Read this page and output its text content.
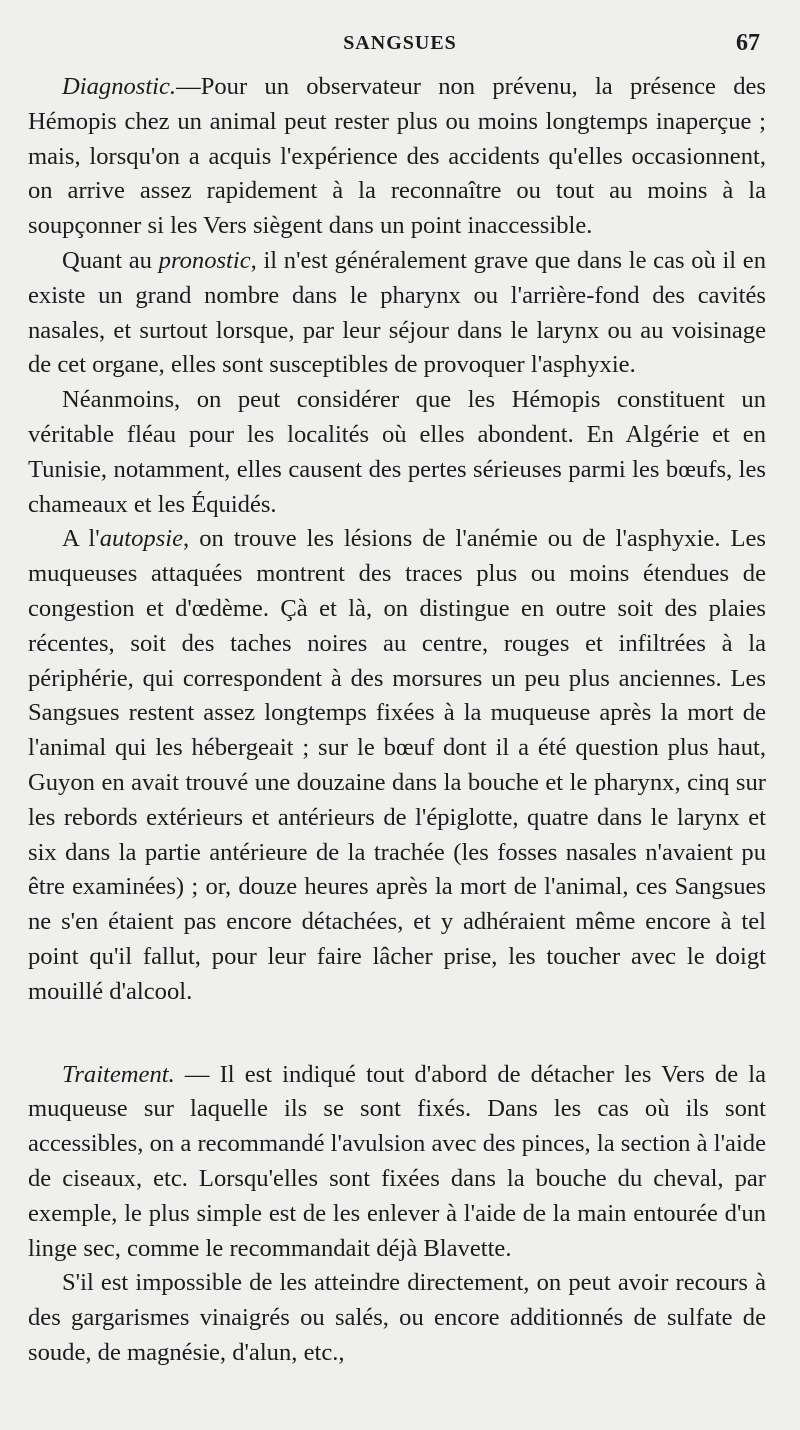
SANGSUES	67

Diagnostic.—Pour un observateur non prévenu, la présence des Hémopis chez un animal peut rester plus ou moins longtemps inaperçue ; mais, lorsqu'on a acquis l'expérience des accidents qu'elles occasionnent, on arrive assez rapidement à la reconnaître ou tout au moins à la soupçonner si les Vers siègent dans un point inaccessible.

Quant au pronostic, il n'est généralement grave que dans le cas où il en existe un grand nombre dans le pharynx ou l'arrière-fond des cavités nasales, et surtout lorsque, par leur séjour dans le larynx ou au voisinage de cet organe, elles sont susceptibles de provoquer l'asphyxie.

Néanmoins, on peut considérer que les Hémopis constituent un véritable fléau pour les localités où elles abondent. En Algérie et en Tunisie, notamment, elles causent des pertes sérieuses parmi les bœufs, les chameaux et les Équidés.

A l'autopsie, on trouve les lésions de l'anémie ou de l'asphyxie. Les muqueuses attaquées montrent des traces plus ou moins étendues de congestion et d'œdème. Çà et là, on distingue en outre soit des plaies récentes, soit des taches noires au centre, rouges et infiltrées à la périphérie, qui correspondent à des morsures un peu plus anciennes. Les Sangsues restent assez longtemps fixées à la muqueuse après la mort de l'animal qui les hébergeait ; sur le bœuf dont il a été question plus haut, Guyon en avait trouvé une douzaine dans la bouche et le pharynx, cinq sur les rebords extérieurs et antérieurs de l'épiglotte, quatre dans le larynx et six dans la partie antérieure de la trachée (les fosses nasales n'avaient pu être examinées) ; or, douze heures après la mort de l'animal, ces Sangsues ne s'en étaient pas encore détachées, et y adhéraient même encore à tel point qu'il fallut, pour leur faire lâcher prise, les toucher avec le doigt mouillé d'alcool.

Traitement. — Il est indiqué tout d'abord de détacher les Vers de la muqueuse sur laquelle ils se sont fixés. Dans les cas où ils sont accessibles, on a recommandé l'avulsion avec des pinces, la section à l'aide de ciseaux, etc. Lorsqu'elles sont fixées dans la bouche du cheval, par exemple, le plus simple est de les enlever à l'aide de la main entourée d'un linge sec, comme le recommandait déjà Blavette.

S'il est impossible de les atteindre directement, on peut avoir recours à des gargarismes vinaigrés ou salés, ou encore additionnés de sulfate de soude, de magnésie, d'alun, etc.,
